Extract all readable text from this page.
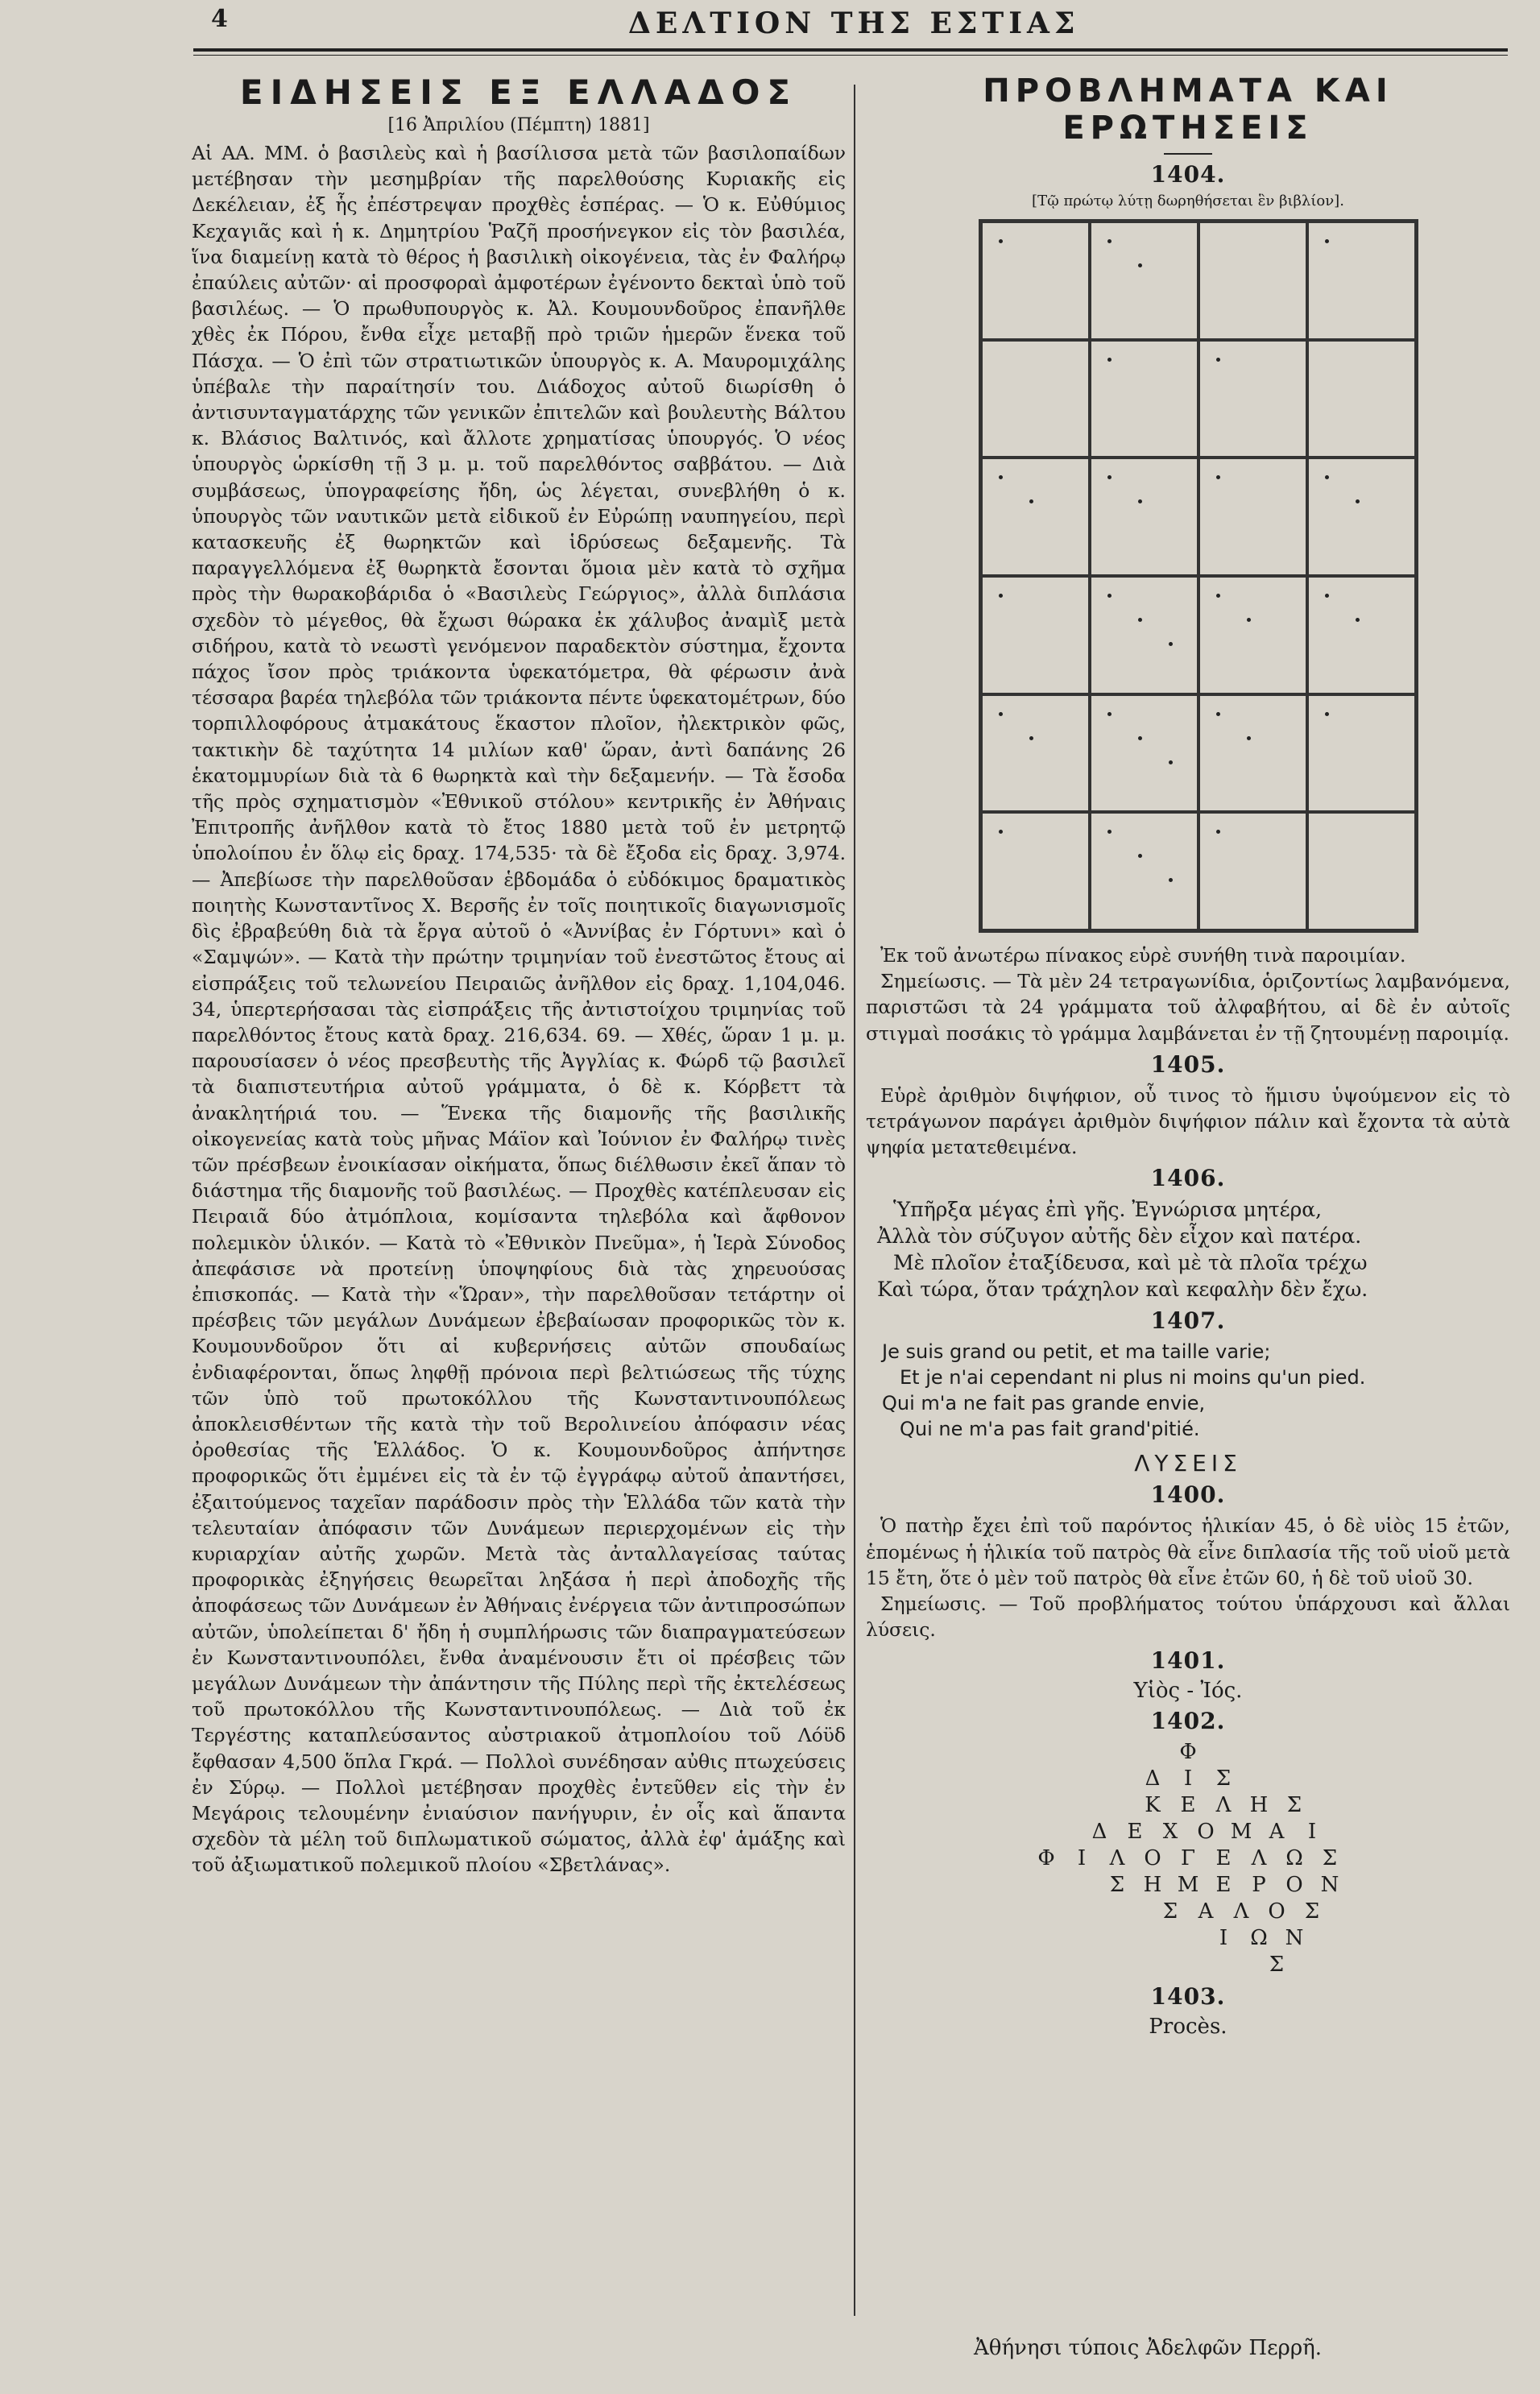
4	ΔΕΛΤΙΟΝ ΤΗΣ ΕΣΤΙΑΣ
ΕΙΔΗΣΕΙΣ ΕΞ ΕΛΛΑΔΟΣ
[16 Ἀπριλίου (Πέμπτη) 1881]

Αἱ ΑΑ. ΜΜ. ὁ βασιλεὺς καὶ ἡ βασίλισσα μετὰ τῶν βασιλοπαίδων μετέβησαν τὴν μεσημβρίαν τῆς παρελθούσης Κυριακῆς εἰς Δεκέλειαν, ἐξ ἧς ἐπέστρεψαν προχθὲς ἑσπέρας. — Ὁ κ. Εὐθύμιος Κεχαγιᾶς καὶ ἡ κ. Δημητρίου Ῥαζῆ προσήνεγκον εἰς τὸν βασιλέα, ἵνα διαμείνῃ κατὰ τὸ θέρος ἡ βασιλικὴ οἰκογένεια, τὰς ἐν Φαλήρῳ ἐπαύλεις αὐτῶν· αἱ προσφοραὶ ἀμφοτέρων ἐγένοντο δεκταὶ ὑπὸ τοῦ βασιλέως. — Ὁ πρωθυπουργὸς κ. Ἀλ. Κουμουνδοῦρος ἐπανῆλθε χθὲς ἐκ Πόρου, ἔνθα εἶχε μεταβῇ πρὸ τριῶν ἡμερῶν ἕνεκα τοῦ Πάσχα. — Ὁ ἐπὶ τῶν στρατιωτικῶν ὑπουργὸς κ. Α. Μαυρομιχάλης ὑπέβαλε τὴν παραίτησίν του. Διάδοχος αὐτοῦ διωρίσθη ὁ ἀντισυνταγματάρχης τῶν γενικῶν ἐπιτελῶν καὶ βουλευτὴς Βάλτου κ. Βλάσιος Βαλτινός, καὶ ἄλλοτε χρηματίσας ὑπουργός. Ὁ νέος ὑπουργὸς ὡρκίσθη τῇ 3 μ. μ. τοῦ παρελθόντος σαββάτου. — Διὰ συμβάσεως, ὑπογραφείσης ἤδη, ὡς λέγεται, συνεβλήθη ὁ κ. ὑπουργὸς τῶν ναυτικῶν μετὰ εἰδικοῦ ἐν Εὐρώπῃ ναυπηγείου, περὶ κατασκευῆς ἐξ θωρηκτῶν καὶ ἱδρύσεως δεξαμενῆς. Τὰ παραγγελλόμενα ἐξ θωρηκτὰ ἔσονται ὅμοια μὲν κατὰ τὸ σχῆμα πρὸς τὴν θωρακοβάριδα ὁ «Βασιλεὺς Γεώργιος», ἀλλὰ διπλάσια σχεδὸν τὸ μέγεθος, θὰ ἔχωσι θώρακα ἐκ χάλυβος ἀναμὶξ μετὰ σιδήρου, κατὰ τὸ νεωστὶ γενόμενον παραδεκτὸν σύστημα, ἔχοντα πάχος ἴσον πρὸς τριάκοντα ὑφεκατόμετρα, θὰ φέρωσιν ἀνὰ τέσσαρα βαρέα τηλεβόλα τῶν τριάκοντα πέντε ὑφεκατομέτρων, δύο τορπιλλοφόρους ἀτμακάτους ἕκαστον πλοῖον, ἠλεκτρικὸν φῶς, τακτικὴν δὲ ταχύτητα 14 μιλίων καθ' ὥραν, ἀντὶ δαπάνης 26 ἑκατομμυρίων διὰ τὰ 6 θωρηκτὰ καὶ τὴν δεξαμενήν. — Τὰ ἔσοδα τῆς πρὸς σχηματισμὸν «Ἐθνικοῦ στόλου» κεντρικῆς ἐν Ἀθήναις Ἐπιτροπῆς ἀνῆλθον κατὰ τὸ ἔτος 1880 μετὰ τοῦ ἐν μετρητῷ ὑπολοίπου ἐν ὅλῳ εἰς δραχ. 174,535· τὰ δὲ ἔξοδα εἰς δραχ. 3,974. — Ἀπεβίωσε τὴν παρελθοῦσαν ἑβδομάδα ὁ εὐδόκιμος δραματικὸς ποιητὴς Κωνσταντῖνος Χ. Βερσῆς ἐν τοῖς ποιητικοῖς διαγωνισμοῖς δὶς ἐβραβεύθη διὰ τὰ ἔργα αὐτοῦ ὁ «Ἀννίβας ἐν Γόρτυνι» καὶ ὁ «Σαμψών». — Κατὰ τὴν πρώτην τριμηνίαν τοῦ ἐνεστῶτος ἔτους αἱ εἰσπράξεις τοῦ τελωνείου Πειραιῶς ἀνῆλθον εἰς δραχ. 1,104,046. 34, ὑπερτερήσασαι τὰς εἰσπράξεις τῆς ἀντιστοίχου τριμηνίας τοῦ παρελθόντος ἔτους κατὰ δραχ. 216,634. 69. — Χθές, ὥραν 1 μ. μ. παρουσίασεν ὁ νέος πρεσβευτὴς τῆς Ἀγγλίας κ. Φώρδ τῷ βασιλεῖ τὰ διαπιστευτήρια αὐτοῦ γράμματα, ὁ δὲ κ. Κόρβεττ τὰ ἀνακλητήριά του. — Ἕνεκα τῆς διαμονῆς τῆς βασιλικῆς οἰκογενείας κατὰ τοὺς μῆνας Μάϊον καὶ Ἰούνιον ἐν Φαλήρῳ τινὲς τῶν πρέσβεων ἐνοικίασαν οἰκήματα, ὅπως διέλθωσιν ἐκεῖ ἅπαν τὸ διάστημα τῆς διαμονῆς τοῦ βασιλέως. — Προχθὲς κατέπλευσαν εἰς Πειραιᾶ δύο ἀτμόπλοια, κομίσαντα τηλεβόλα καὶ ἄφθονον πολεμικὸν ὑλικόν. — Κατὰ τὸ «Ἐθνικὸν Πνεῦμα», ἡ Ἱερὰ Σύνοδος ἀπεφάσισε νὰ προτείνῃ ὑποψηφίους διὰ τὰς χηρευούσας ἐπισκοπάς. — Κατὰ τὴν «Ὥραν», τὴν παρελθοῦσαν τετάρτην οἱ πρέσβεις τῶν μεγάλων Δυνάμεων ἐβεβαίωσαν προφορικῶς τὸν κ. Κουμουνδοῦρον ὅτι αἱ κυβερνήσεις αὐτῶν σπουδαίως ἐνδιαφέρονται, ὅπως ληφθῇ πρόνοια περὶ βελτιώσεως τῆς τύχης τῶν ὑπὸ τοῦ πρωτοκόλλου τῆς Κωνσταντινουπόλεως ἀποκλεισθέντων τῆς κατὰ τὴν τοῦ Βερολινείου ἀπόφασιν νέας ὀροθεσίας τῆς Ἑλλάδος. Ὁ κ. Κουμουνδοῦρος ἀπήντησε προφορικῶς ὅτι ἐμμένει εἰς τὰ ἐν τῷ ἐγγράφῳ αὐτοῦ ἀπαντήσει, ἐξαιτούμενος ταχεῖαν παράδοσιν πρὸς τὴν Ἑλλάδα τῶν κατὰ τὴν τελευταίαν ἀπόφασιν τῶν Δυνάμεων περιερχομένων εἰς τὴν κυριαρχίαν αὐτῆς χωρῶν. Μετὰ τὰς ἀνταλλαγείσας ταύτας προφορικὰς ἐξηγήσεις θεωρεῖται ληξάσα ἡ περὶ ἀποδοχῆς τῆς ἀποφάσεως τῶν Δυνάμεων ἐν Ἀθήναις ἐνέργεια τῶν ἀντιπροσώπων αὐτῶν, ὑπολείπεται δ' ἤδη ἡ συμπλήρωσις τῶν διαπραγματεύσεων ἐν Κωνσταντινουπόλει, ἔνθα ἀναμένουσιν ἔτι οἱ πρέσβεις τῶν μεγάλων Δυνάμεων τὴν ἀπάντησιν τῆς Πύλης περὶ τῆς ἐκτελέσεως τοῦ πρωτοκόλλου τῆς Κωνσταντινουπόλεως. — Διὰ τοῦ ἐκ Τεργέστης καταπλεύσαντος αὐστριακοῦ ἀτμοπλοίου τοῦ Λόϋδ ἔφθασαν 4,500 ὅπλα Γκρά. — Πολλοὶ συνέδησαν αὐθις πτωχεύσεις ἐν Σύρῳ. — Πολλοὶ μετέβησαν προχθὲς ἐντεῦθεν εἰς τὴν ἐν Μεγάροις τελουμένην ἐνιαύσιον πανήγυριν, ἐν οἷς καὶ ἅπαντα σχεδὸν τὰ μέλη τοῦ διπλωματικοῦ σώματος, ἀλλὰ ἐφ' ἁμάξης καὶ τοῦ ἀξιωματικοῦ πολεμικοῦ πλοίου «Σβετλάνας».

ΠΡΟΒΛΗΜΑΤΑ ΚΑΙ ΕΡΩΤΗΣΕΙΣ
1404.
[Τῷ πρώτῳ λύτῃ δωρηθήσεται ἓν βιβλίον].
Ἐκ τοῦ ἀνωτέρω πίνακος εὑρὲ συνήθη τινὰ παροιμίαν.
Σημείωσις. — Τὰ μὲν 24 τετραγωνίδια, ὁριζοντίως λαμβανόμενα, παριστῶσι τὰ 24 γράμματα τοῦ ἀλφαβήτου, αἱ δὲ ἐν αὐτοῖς στιγμαὶ ποσάκις τὸ γράμμα λαμβάνεται ἐν τῇ ζητουμένῃ παροιμίᾳ.
1405.
Εὑρὲ ἀριθμὸν διψήφιον, οὗ τινος τὸ ἥμισυ ὑψούμενον εἰς τὸ τετράγωνον παράγει ἀριθμὸν διψήφιον πάλιν καὶ ἔχοντα τὰ αὐτὰ ψηφία μετατεθειμένα.
1406.
Ὑπῆρξα μέγας ἐπὶ γῆς. Ἐγνώρισα μητέρα,
Ἀλλὰ τὸν σύζυγον αὐτῆς δὲν εἶχον καὶ πατέρα.
Μὲ πλοῖον ἐταξίδευσα, καὶ μὲ τὰ πλοῖα τρέχω
Καὶ τώρα, ὅταν τράχηλον καὶ κεφαλὴν δὲν ἔχω.
1407.
Je suis grand ou petit, et ma taille varie;
Et je n'ai cependant ni plus ni moins qu'un pied.
Qui m'a ne fait pas grande envie,
Qui ne m'a pas fait grand'pitié.
ΛΥΣΕΙΣ
1400.
Ὁ πατὴρ ἔχει ἐπὶ τοῦ παρόντος ἡλικίαν 45, ὁ δὲ υἱὸς 15 ἐτῶν, ἑπομένως ἡ ἡλικία τοῦ πατρὸς θὰ εἶνε διπλασία τῆς τοῦ υἱοῦ μετὰ 15 ἔτη, ὅτε ὁ μὲν τοῦ πατρὸς θὰ εἶνε ἐτῶν 60, ἡ δὲ τοῦ υἱοῦ 30.
Σημείωσις. — Τοῦ προβλήματος τούτου ὑπάρχουσι καὶ ἄλλαι λύσεις.
1401.
Υἱὸς - Ἰός.
1402.
Φ
Δ Ι Σ
Κ Ε Λ Η Σ
Δ Ε Χ Ο Μ Α Ι
Φ Ι Λ Ο Γ Ε Λ Ω Σ
Σ Η Μ Ε Ρ Ο Ν
Σ Α Λ Ο Σ
Ι Ω Ν
Σ
1403.
Procès.
Ἀθήνησι τύποις Ἀδελφῶν Περρῆ.
